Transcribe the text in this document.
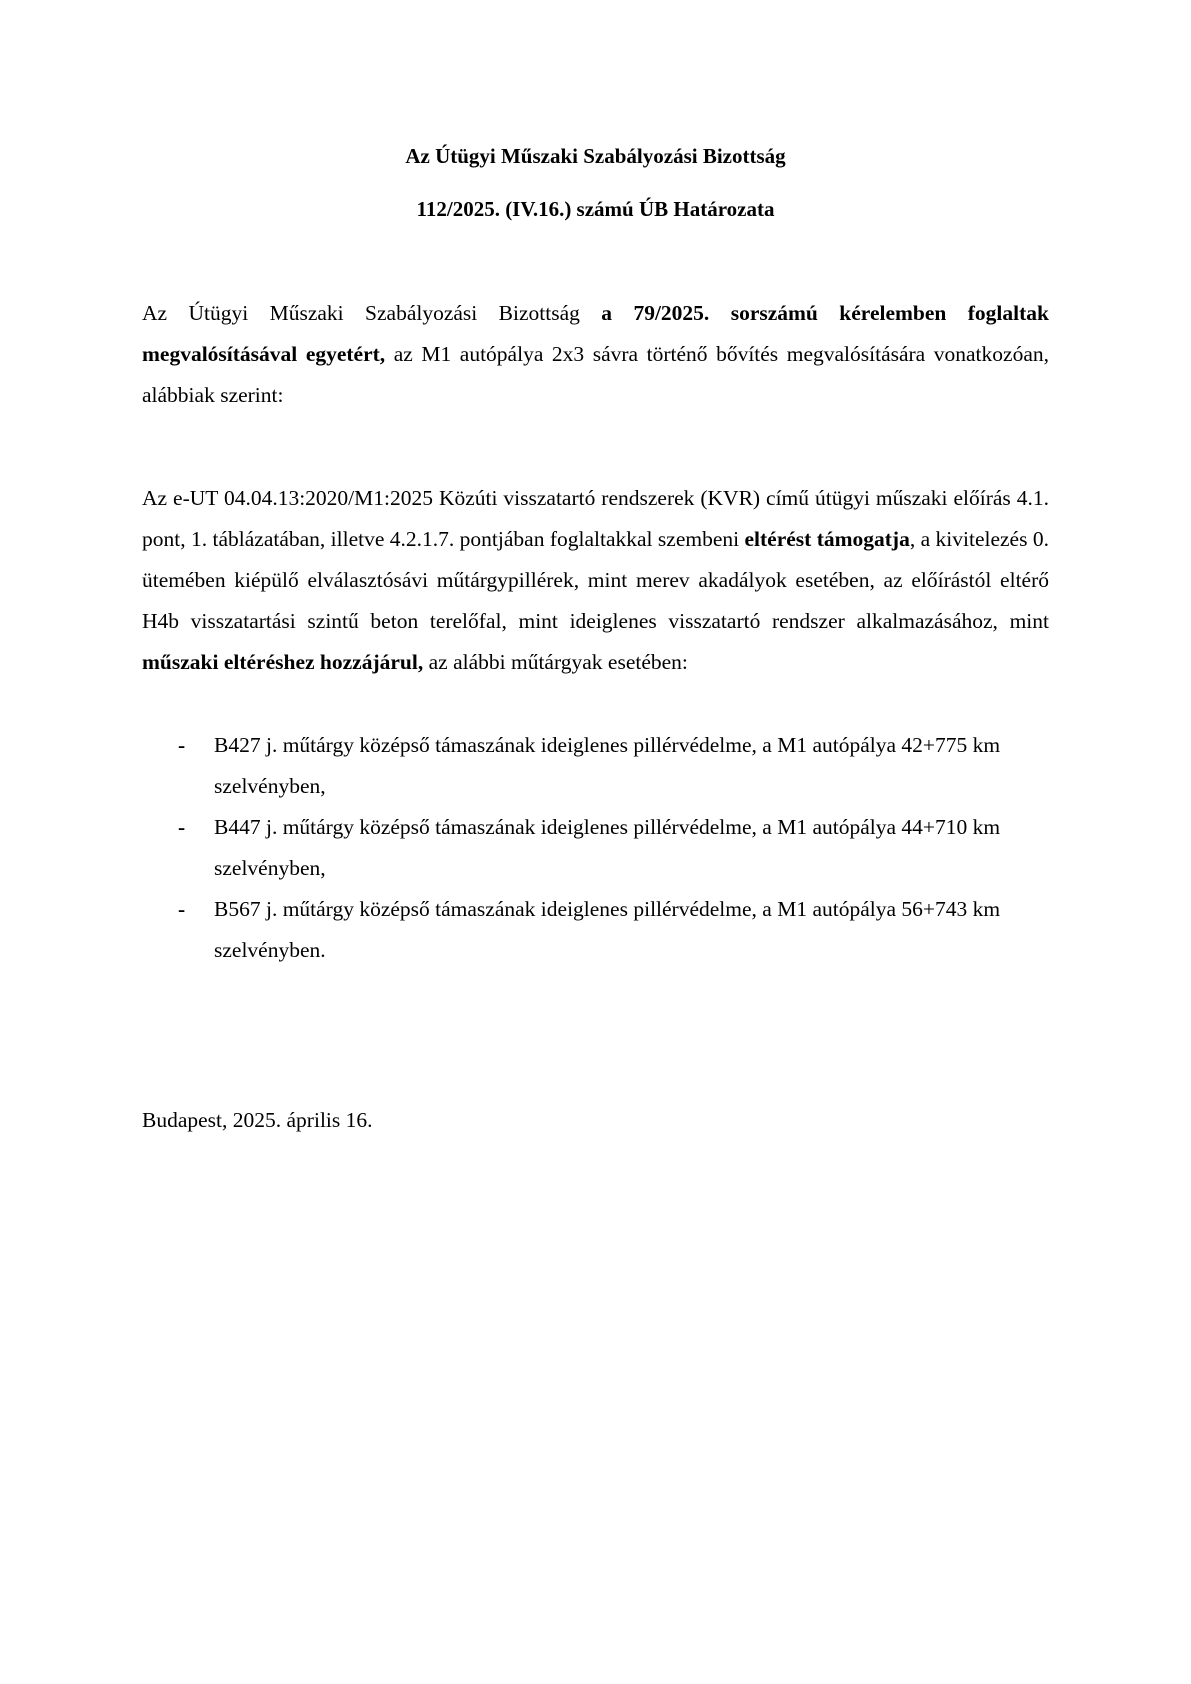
Az Útügyi Műszaki Szabályozási Bizottság
112/2025. (IV.16.) számú ÚB Határozata
Az Útügyi Műszaki Szabályozási Bizottság a 79/2025. sorszámú kérelemben foglaltak megvalósításával egyetért, az M1 autópálya 2x3 sávra történő bővítés megvalósítására vonatkozóan, alábbiak szerint:
Az e-UT 04.04.13:2020/M1:2025 Közúti visszatartó rendszerek (KVR) című útügyi műszaki előírás 4.1. pont, 1. táblázatában, illetve 4.2.1.7. pontjában foglaltakkal szembeni eltérést támogatja, a kivitelezés 0. ütemében kiépülő elválasztósávi műtárgypillérek, mint merev akadályok esetében, az előírástól eltérő H4b visszatartási szintű beton terelőfal, mint ideiglenes visszatartó rendszer alkalmazásához, mint műszaki eltéréshez hozzájárul, az alábbi műtárgyak esetében:
- B427 j. műtárgy középső támaszának ideiglenes pillérvédelme, a M1 autópálya 42+775 km szelvényben,
- B447 j. műtárgy középső támaszának ideiglenes pillérvédelme, a M1 autópálya 44+710 km szelvényben,
- B567 j. műtárgy középső támaszának ideiglenes pillérvédelme, a M1 autópálya 56+743 km szelvényben.
Budapest, 2025. április 16.
